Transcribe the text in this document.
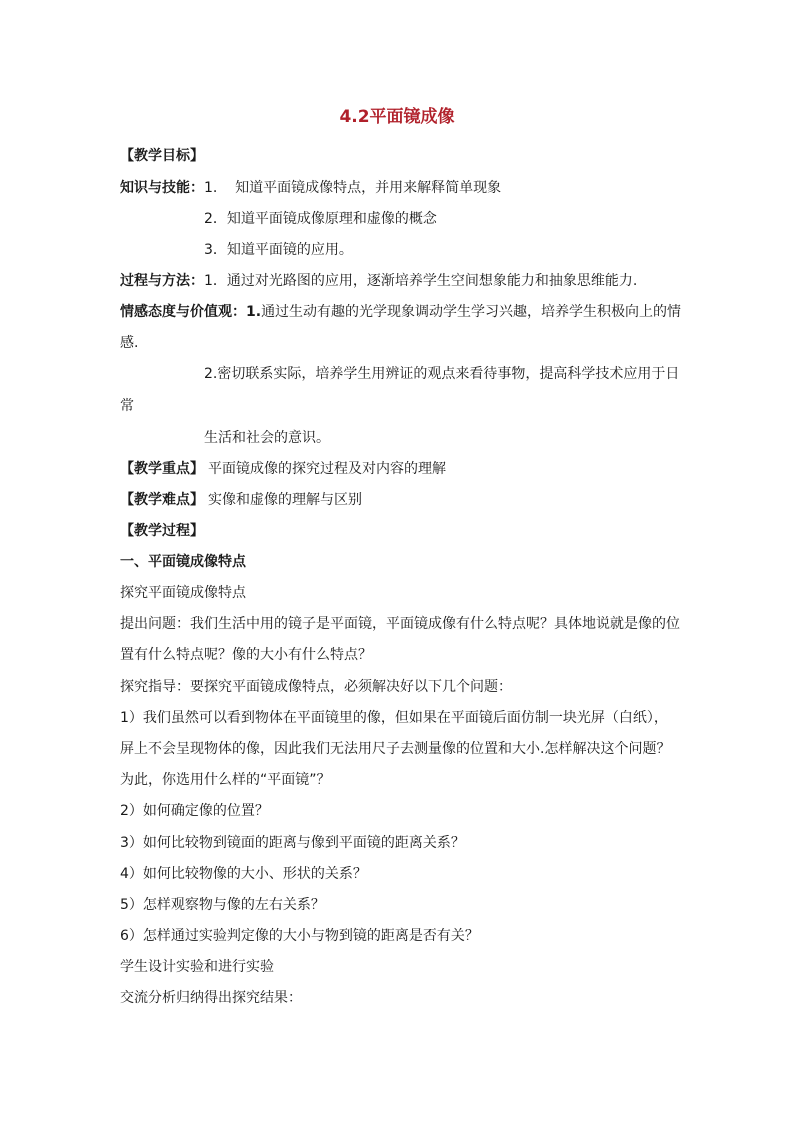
4.2平面镜成像
【教学目标】
知识与技能：1.    知道平面镜成像特点，并用来解释简单现象
2．知道平面镜成像原理和虚像的概念
3．知道平面镜的应用。
过程与方法：1．通过对光路图的应用，逐渐培养学生空间想象能力和抽象思维能力.
情感态度与价值观：1.通过生动有趣的光学现象调动学生学习兴趣，培养学生积极向上的情
感.
2.密切联系实际，培养学生用辨证的观点来看待事物，提高科学技术应用于日
常
生活和社会的意识。
【教学重点】 平面镜成像的探究过程及对内容的理解
【教学难点】 实像和虚像的理解与区别
【教学过程】
一、平面镜成像特点
探究平面镜成像特点
提出问题：我们生活中用的镜子是平面镜，平面镜成像有什么特点呢？具体地说就是像的位
置有什么特点呢？像的大小有什么特点？
探究指导：要探究平面镜成像特点，必须解决好以下几个问题：
1）我们虽然可以看到物体在平面镜里的像，但如果在平面镜后面仿制一块光屏（白纸），
屏上不会呈现物体的像，因此我们无法用尺子去测量像的位置和大小.怎样解决这个问题？
为此，你选用什么样的“平面镜”？
2）如何确定像的位置？
3）如何比较物到镜面的距离与像到平面镜的距离关系？
4）如何比较物像的大小、形状的关系？
5）怎样观察物与像的左右关系？
6）怎样通过实验判定像的大小与物到镜的距离是否有关？
学生设计实验和进行实验
交流分析归纳得出探究结果：
